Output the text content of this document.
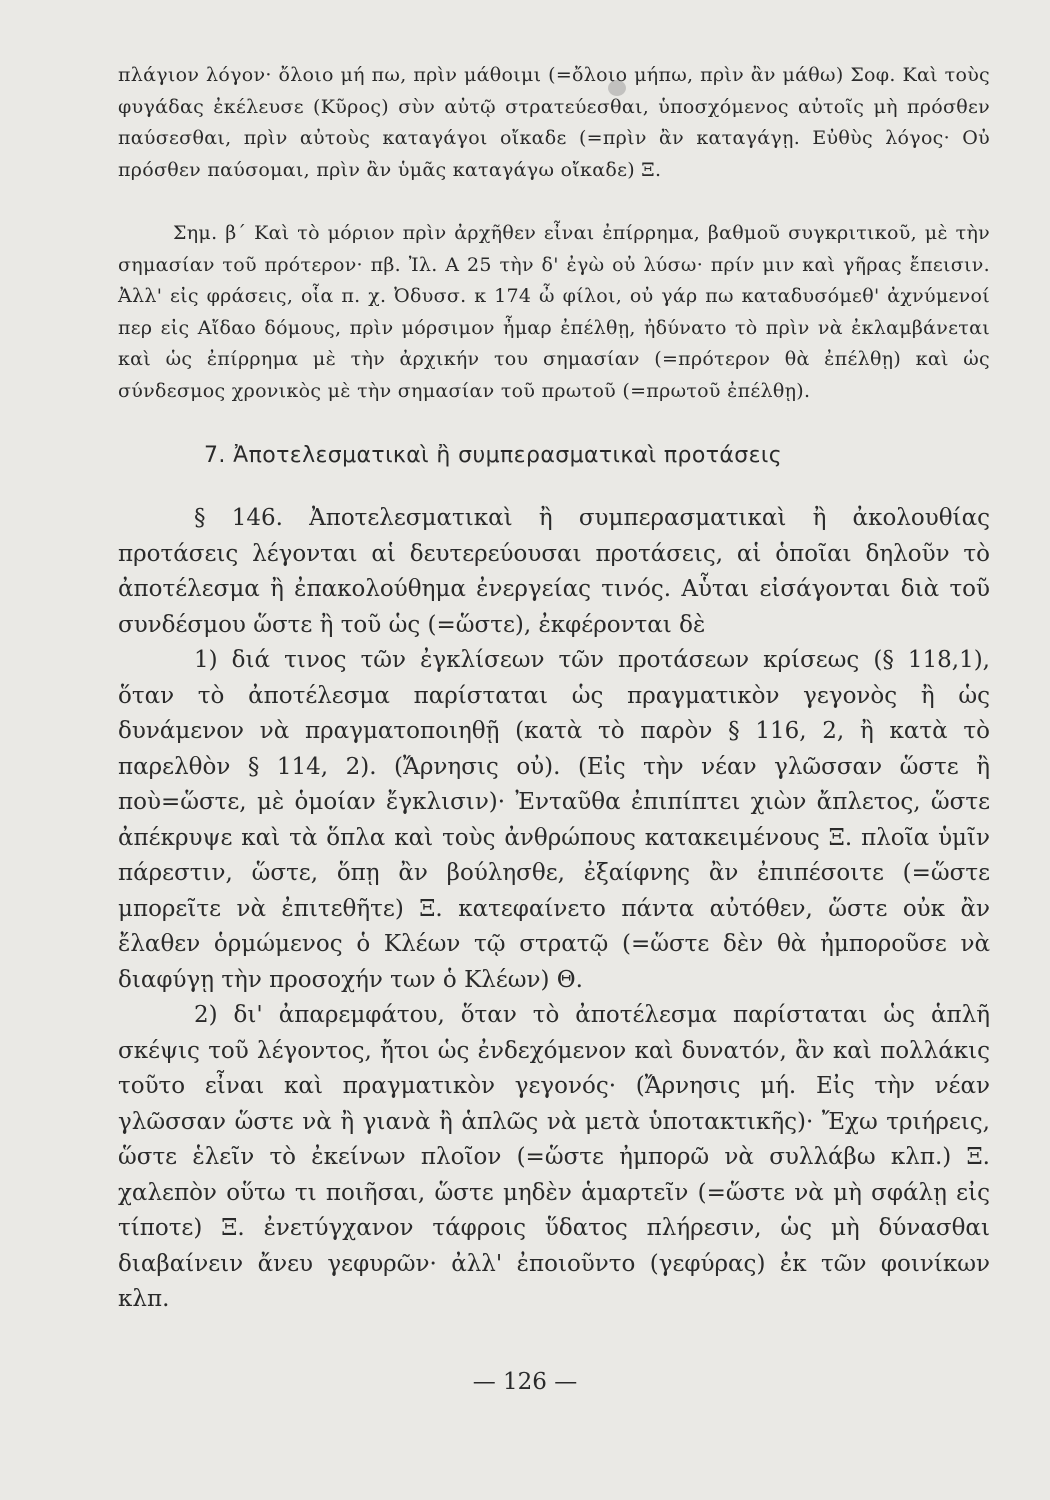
πλάγιον λόγον· ὄλοιο μή πω, πρὶν μάθοιμι (=ὄλοιο μήπω, πρὶν ἂν μάθω) Σοφ. Καὶ τοὺς φυγάδας ἐκέλευσε (Κῦρος) σὺν αὐτῷ στρατεύεσθαι, ὑποσχόμενος αὐτοῖς μὴ πρόσθεν παύσεσθαι, πρὶν αὐτοὺς καταγάγοι οἴκαδε (=πρὶν ἂν καταγάγῃ. Εὐθὺς λόγος· Οὐ πρόσθεν παύσομαι, πρὶν ἂν ὑμᾶς καταγάγω οἴκαδε) Ξ.

Σημ. β΄ Καὶ τὸ μόριον πρὶν ἀρχῆθεν εἶναι ἐπίρρημα, βαθμοῦ συγκριτικοῦ, μὲ τὴν σημασίαν τοῦ πρότερον· πβ. Ἰλ. Α 25 τὴν δ' ἐγὼ οὐ λύσω· πρίν μιν καὶ γῆρας ἔπεισιν. Ἀλλ' εἰς φράσεις, οἷα π. χ. Ὀδυσσ. κ 174 ὦ φίλοι, οὐ γάρ πω καταδυσόμεθ' ἀχνύμενοί περ εἰς Αἴδαο δόμους, πρὶν μόρσιμον ἦμαρ ἐπέλθῃ, ἠδύνατο τὸ πρὶν νὰ ἐκλαμβάνεται καὶ ὡς ἐπίρρημα μὲ τὴν ἀρχικήν του σημασίαν (=πρότερον θὰ ἐπέλθῃ) καὶ ὡς σύνδεσμος χρονικὸς μὲ τὴν σημασίαν τοῦ πρωτοῦ (=πρωτοῦ ἐπέλθῃ).

7. Ἀποτελεσματικαὶ ἢ συμπερασματικαὶ προτάσεις

§ 146. Ἀποτελεσματικαὶ ἢ συμπερασματικαὶ ἢ ἀκολουθίας προτάσεις λέγονται αἱ δευτερεύουσαι προτάσεις, αἱ ὁποῖαι δηλοῦν τὸ ἀποτέλεσμα ἢ ἐπακολούθημα ἐνεργείας τινός. Αὗται εἰσάγονται διὰ τοῦ συνδέσμου ὥστε ἢ τοῦ ὡς (=ὥστε), ἐκφέρονται δὲ

1) διά τινος τῶν ἐγκλίσεων τῶν προτάσεων κρίσεως (§ 118,1), ὅταν τὸ ἀποτέλεσμα παρίσταται ὡς πραγματικὸν γεγονὸς ἢ ὡς δυνάμενον νὰ πραγματοποιηθῇ (κατὰ τὸ παρὸν § 116, 2, ἢ κατὰ τὸ παρελθὸν § 114, 2). (Ἄρνησις οὐ). (Εἰς τὴν νέαν γλῶσσαν ὥστε ἢ ποὺ=ὥστε, μὲ ὁμοίαν ἔγκλισιν)· Ἐνταῦθα ἐπιπίπτει χιὼν ἄπλετος, ὥστε ἀπέκρυψε καὶ τὰ ὅπλα καὶ τοὺς ἀνθρώπους κατακειμένους Ξ. πλοῖα ὑμῖν πάρεστιν, ὥστε, ὅπῃ ἂν βούλησθε, ἐξαίφνης ἂν ἐπιπέσοιτε (=ὥστε μπορεῖτε νὰ ἐπιτεθῆτε) Ξ. κατεφαίνετο πάντα αὐτόθεν, ὥστε οὐκ ἂν ἔλαθεν ὁρμώμενος ὁ Κλέων τῷ στρατῷ (=ὥστε δὲν θὰ ἠμποροῦσε νὰ διαφύγῃ τὴν προσοχήν των ὁ Κλέων) Θ.

2) δι' ἀπαρεμφάτου, ὅταν τὸ ἀποτέλεσμα παρίσταται ὡς ἁπλῆ σκέψις τοῦ λέγοντος, ἤτοι ὡς ἐνδεχόμενον καὶ δυνατόν, ἂν καὶ πολλάκις τοῦτο εἶναι καὶ πραγματικὸν γεγονός· (Ἄρνησις μή. Εἰς τὴν νέαν γλῶσσαν ὥστε νὰ ἢ γιανὰ ἢ ἁπλῶς νὰ μετὰ ὑποτακτικῆς)· Ἔχω τριήρεις, ὥστε ἑλεῖν τὸ ἐκείνων πλοῖον (=ὥστε ἠμπορῶ νὰ συλλάβω κλπ.) Ξ. χαλεπὸν οὕτω τι ποιῆσαι, ὥστε μηδὲν ἁμαρτεῖν (=ὥστε νὰ μὴ σφάλῃ εἰς τίποτε) Ξ. ἐνετύγχανον τάφροις ὕδατος πλήρεσιν, ὡς μὴ δύνασθαι διαβαίνειν ἄνευ γεφυρῶν· ἀλλ' ἐποιοῦντο (γεφύρας) ἐκ τῶν φοινίκων κλπ.

— 126 —
